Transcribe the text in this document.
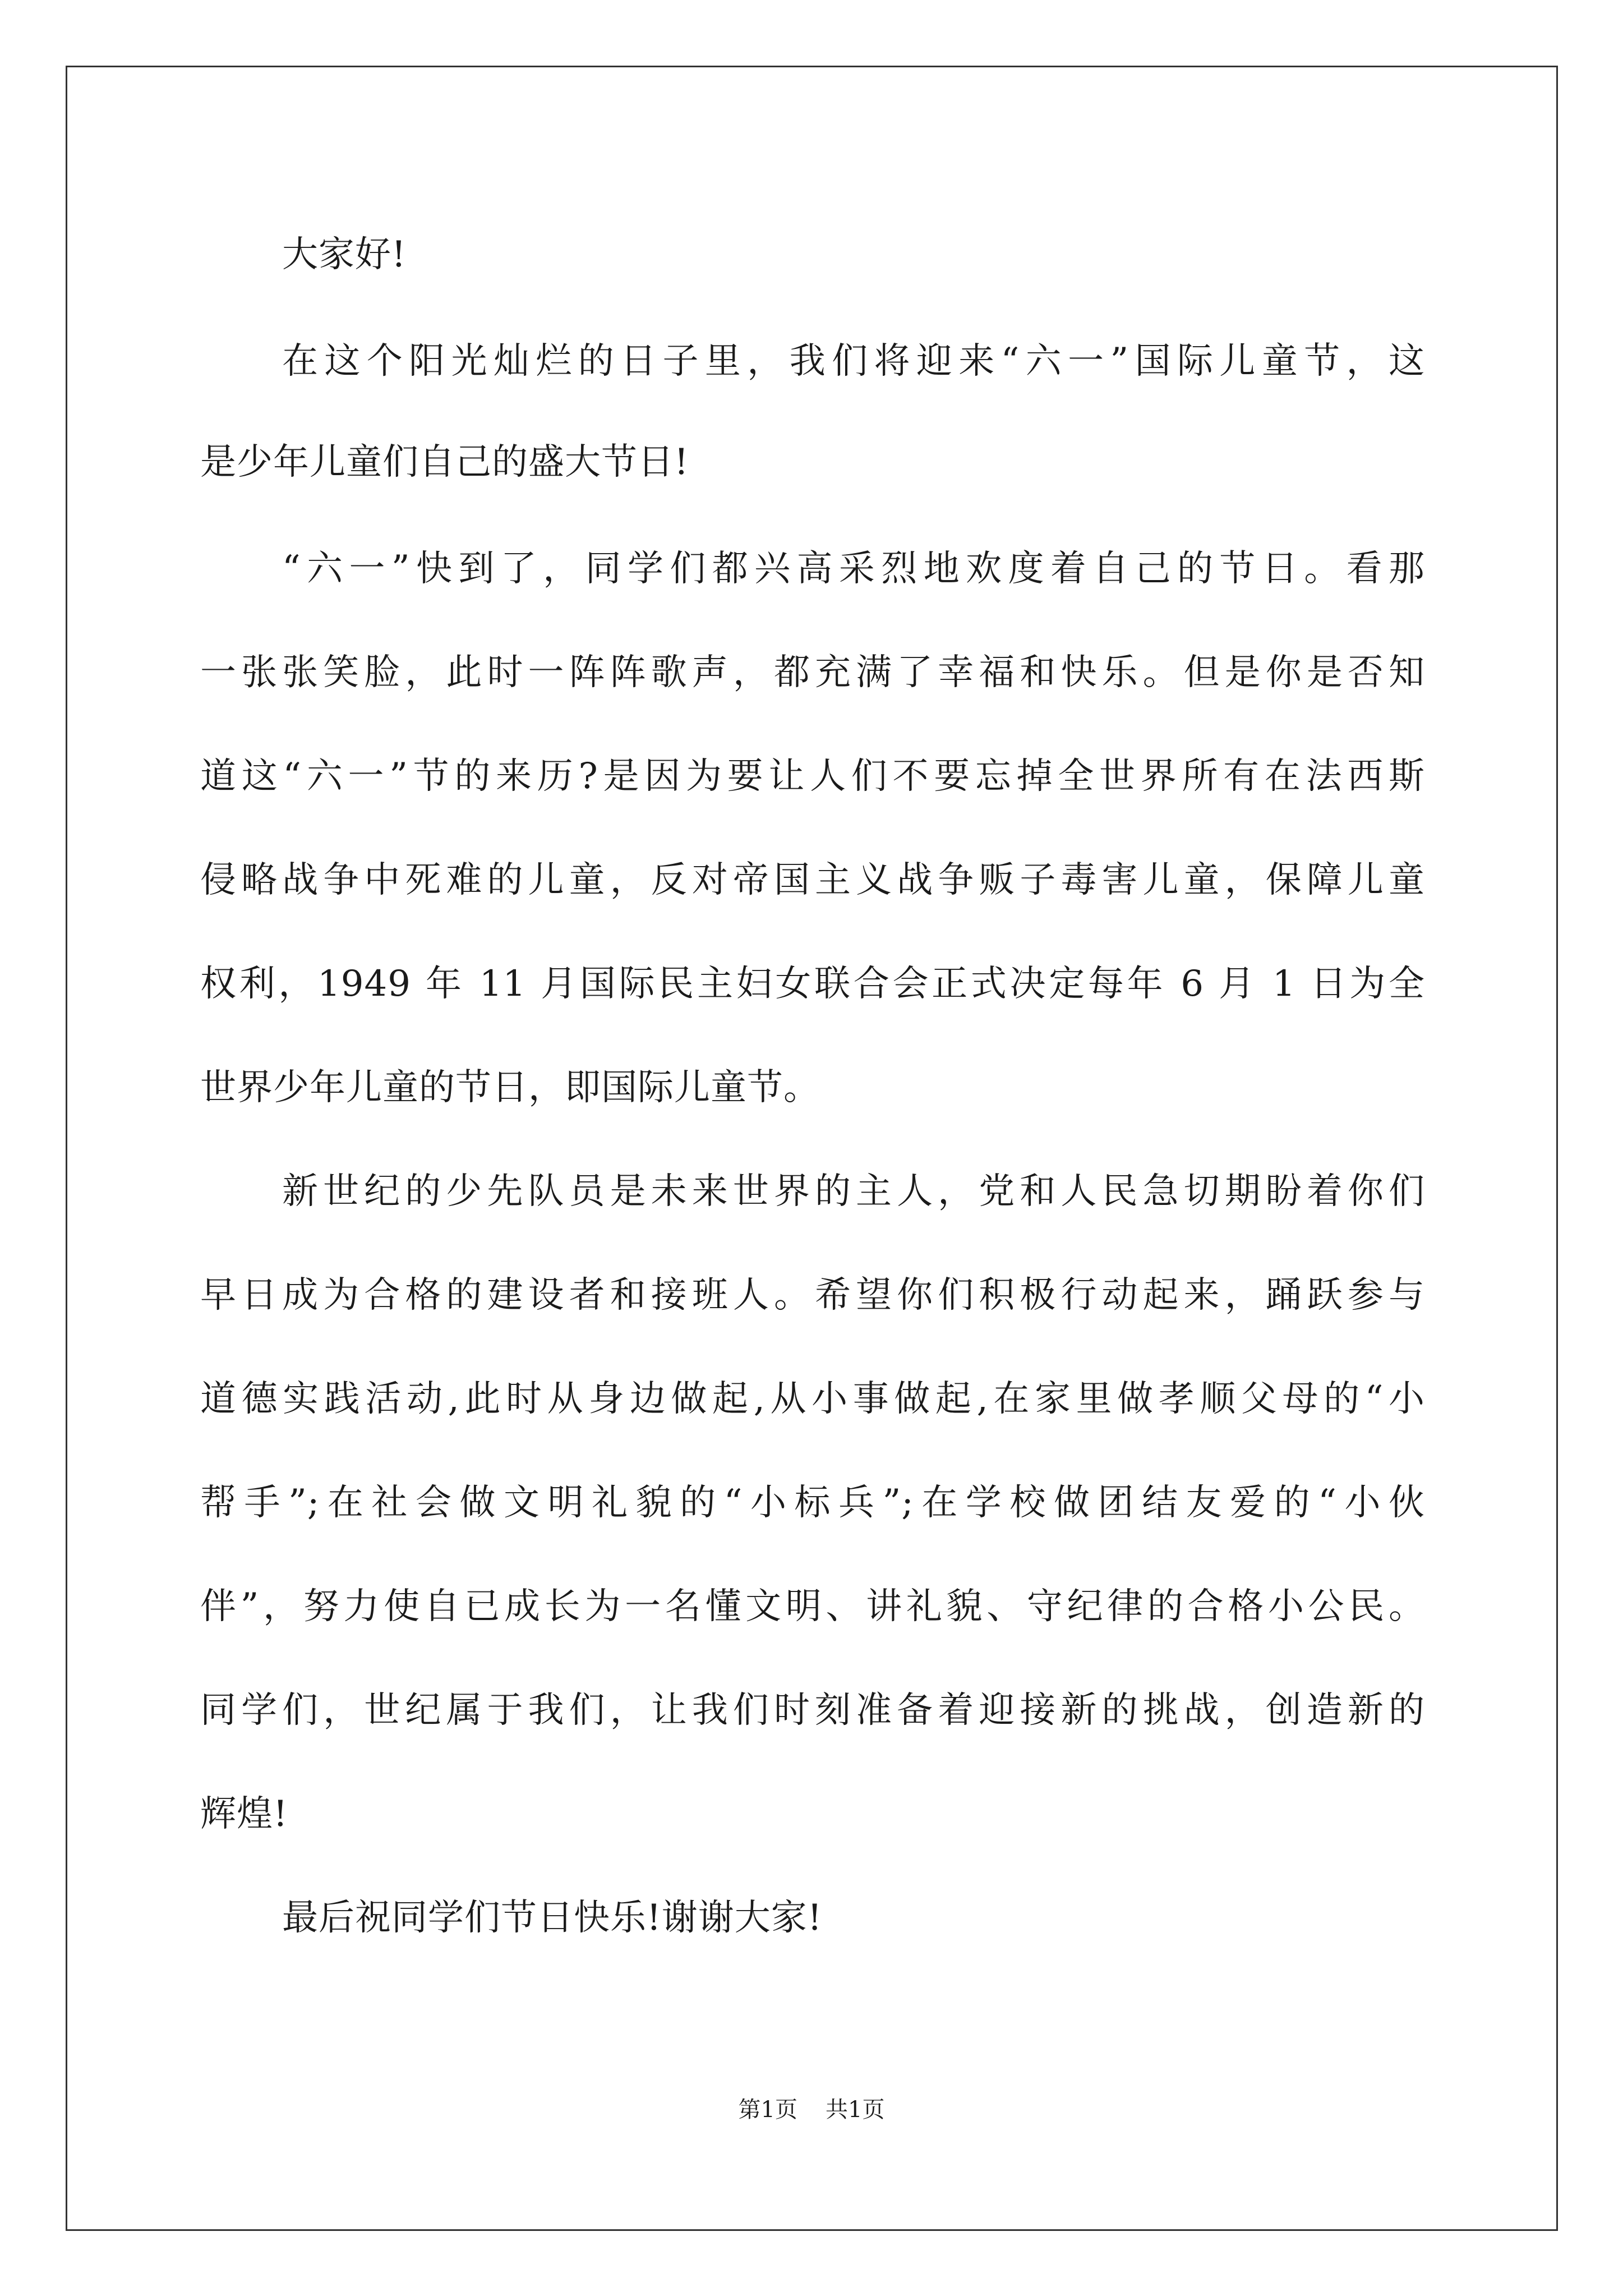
大家好!
在这个阳光灿烂的日子里，我们将迎来“六一”国际儿童节，这
是少年儿童们自己的盛大节日!
“六一”快到了，同学们都兴高采烈地欢度着自己的节日。看那
一张张笑脸，此时一阵阵歌声，都充满了幸福和快乐。但是你是否知
道这“六一”节的来历?是因为要让人们不要忘掉全世界所有在法西斯
侵略战争中死难的儿童，反对帝国主义战争贩子毒害儿童，保障儿童
权利，1949 年 11 月国际民主妇女联合会正式决定每年 6 月 1 日为全
世界少年儿童的节日，即国际儿童节。
新世纪的少先队员是未来世界的主人，党和人民急切期盼着你们
早日成为合格的建设者和接班人。希望你们积极行动起来，踊跃参与
道德实践活动,此时从身边做起,从小事做起,在家里做孝顺父母的“小
帮手”;在社会做文明礼貌的“小标兵”;在学校做团结友爱的“小伙
伴”，努力使自已成长为一名懂文明、讲礼貌、守纪律的合格小公民。
同学们，世纪属于我们，让我们时刻准备着迎接新的挑战，创造新的
辉煌!
最后祝同学们节日快乐!谢谢大家!
第1页 共1页
